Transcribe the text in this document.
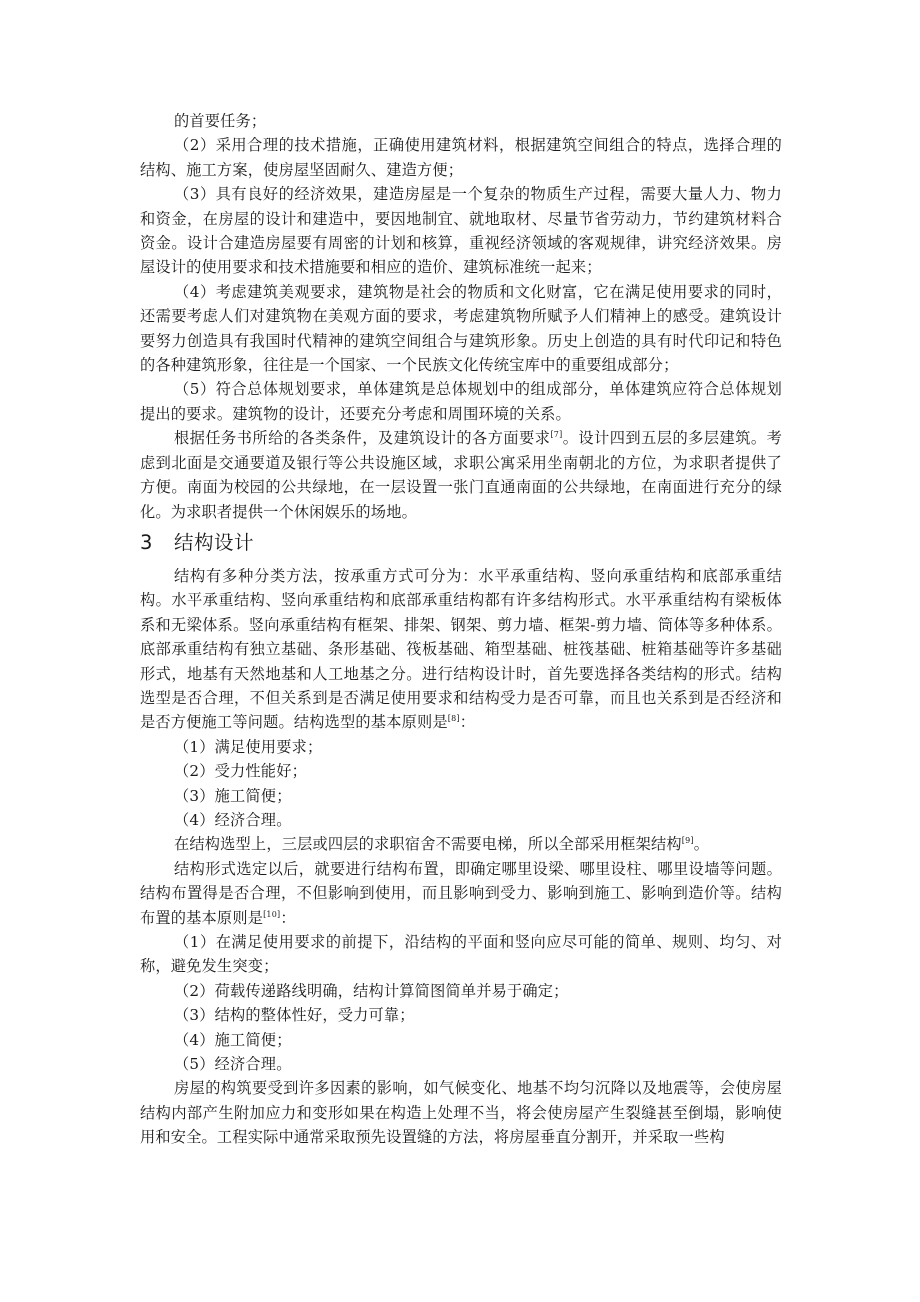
的首要任务；

（2）采用合理的技术措施，正确使用建筑材料，根据建筑空间组合的特点，选择合理的结构、施工方案，使房屋坚固耐久、建造方便；

（3）具有良好的经济效果，建造房屋是一个复杂的物质生产过程，需要大量人力、物力和资金，在房屋的设计和建造中，要因地制宜、就地取材、尽量节省劳动力，节约建筑材料合资金。设计合建造房屋要有周密的计划和核算，重视经济领域的客观规律，讲究经济效果。房屋设计的使用要求和技术措施要和相应的造价、建筑标准统一起来；

（4）考虑建筑美观要求，建筑物是社会的物质和文化财富，它在满足使用要求的同时，还需要考虑人们对建筑物在美观方面的要求，考虑建筑物所赋予人们精神上的感受。建筑设计要努力创造具有我国时代精神的建筑空间组合与建筑形象。历史上创造的具有时代印记和特色的各种建筑形象，往往是一个国家、一个民族文化传统宝库中的重要组成部分；

（5）符合总体规划要求，单体建筑是总体规划中的组成部分，单体建筑应符合总体规划提出的要求。建筑物的设计，还要充分考虑和周围环境的关系。

根据任务书所给的各类条件，及建筑设计的各方面要求[7]。设计四到五层的多层建筑。考虑到北面是交通要道及银行等公共设施区域，求职公寓采用坐南朝北的方位，为求职者提供了方便。南面为校园的公共绿地，在一层设置一张门直通南面的公共绿地，在南面进行充分的绿化。为求职者提供一个休闲娱乐的场地。

3 结构设计

结构有多种分类方法，按承重方式可分为：水平承重结构、竖向承重结构和底部承重结构。水平承重结构、竖向承重结构和底部承重结构都有许多结构形式。水平承重结构有梁板体系和无梁体系。竖向承重结构有框架、排架、钢架、剪力墙、框架-剪力墙、筒体等多种体系。底部承重结构有独立基础、条形基础、筏板基础、箱型基础、桩筏基础、桩箱基础等许多基础形式，地基有天然地基和人工地基之分。进行结构设计时，首先要选择各类结构的形式。结构选型是否合理，不但关系到是否满足使用要求和结构受力是否可靠，而且也关系到是否经济和是否方便施工等问题。结构选型的基本原则是[8]：

（1）满足使用要求；

（2）受力性能好；

（3）施工简便；

（4）经济合理。

在结构选型上，三层或四层的求职宿舍不需要电梯，所以全部采用框架结构[9]。

结构形式选定以后，就要进行结构布置，即确定哪里设梁、哪里设柱、哪里设墙等问题。结构布置得是否合理，不但影响到使用，而且影响到受力、影响到施工、影响到造价等。结构布置的基本原则是[10]：

（1）在满足使用要求的前提下，沿结构的平面和竖向应尽可能的简单、规则、均匀、对称，避免发生突变；

（2）荷载传递路线明确，结构计算简图简单并易于确定；

（3）结构的整体性好，受力可靠；

（4）施工简便；

（5）经济合理。

房屋的构筑要受到许多因素的影响，如气候变化、地基不均匀沉降以及地震等，会使房屋结构内部产生附加应力和变形如果在构造上处理不当，将会使房屋产生裂缝甚至倒塌，影响使用和安全。工程实际中通常采取预先设置缝的方法，将房屋垂直分割开，并采取一些构
